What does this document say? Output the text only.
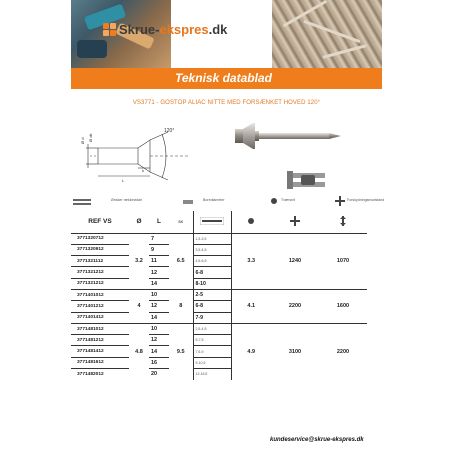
Skrue-ekspres.dk
Teknisk datablad
VS3771 - GOSTOP ALIAC NITTE MED FORSÆNKET HOVED 120°
Ø d Ø dk
120°
L
k
Ønsker rækkevidde	Borediameter	Tværsnit	Forskydningsmodstand
REF VS	Ø	L	SK				
3771320712	3.2	7	6.5	1,5-3,5	3.3	1240	1070
3771320912		9		3,5-4,5			
3771321112		11		4,5-6,5			
3771321212		12		6-8			
3771321212		14		8-10			
3771401012	4	10	8	2-5	4.1	2200	1600
3771401212		12		6-8			
3771401412		14		7-9			
3771481012	4.8	10	9.5	2,5-4,5	4.9	3100	2200
3771481212		12		5-7,5			
3771481412		14		7,5-9			
3771481612		16		9-10,5			
3771482012		20		12-16,5			
kundeservice@skrue-ekspres.dk
